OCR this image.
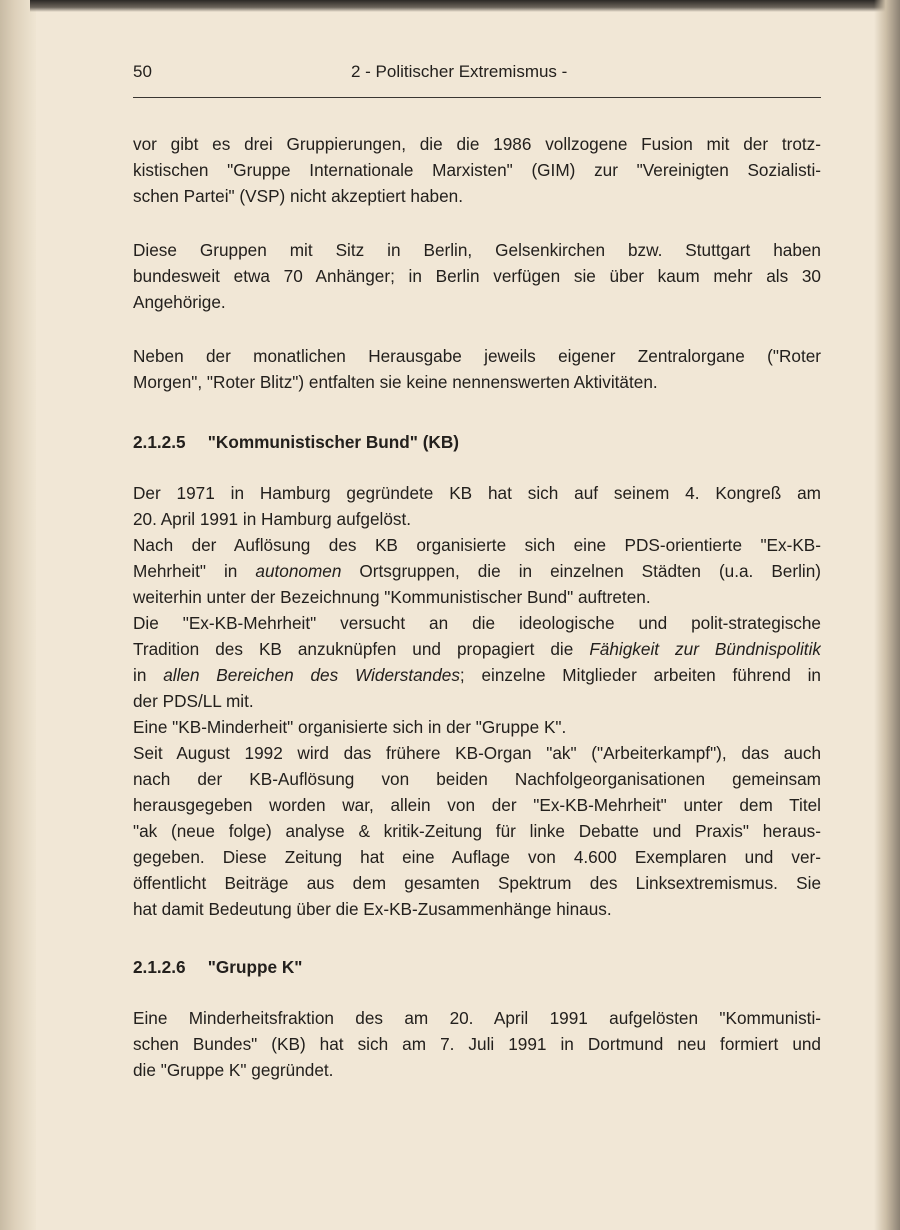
50	2 - Politischer Extremismus -
vor gibt es drei Gruppierungen, die die 1986 vollzogene Fusion mit der trotz-
kistischen "Gruppe Internationale Marxisten" (GIM) zur "Vereinigten Sozialisti-
schen Partei" (VSP) nicht akzeptiert haben.
Diese Gruppen mit Sitz in Berlin, Gelsenkirchen bzw. Stuttgart haben
bundesweit etwa 70 Anhänger; in Berlin verfügen sie über kaum mehr als 30
Angehörige.
Neben der monatlichen Herausgabe jeweils eigener Zentralorgane ("Roter
Morgen", "Roter Blitz") entfalten sie keine nennenswerten Aktivitäten.
2.1.2.5 "Kommunistischer Bund" (KB)
Der 1971 in Hamburg gegründete KB hat sich auf seinem 4. Kongreß am
20. April 1991 in Hamburg aufgelöst.
Nach der Auflösung des KB organisierte sich eine PDS-orientierte "Ex-KB-
Mehrheit" in autonomen Ortsgruppen, die in einzelnen Städten (u.a. Berlin)
weiterhin unter der Bezeichnung "Kommunistischer Bund" auftreten.
Die "Ex-KB-Mehrheit" versucht an die ideologische und polit-strategische
Tradition des KB anzuknüpfen und propagiert die Fähigkeit zur Bündnispolitik
in allen Bereichen des Widerstandes; einzelne Mitglieder arbeiten führend in
der PDS/LL mit.
Eine "KB-Minderheit" organisierte sich in der "Gruppe K".
Seit August 1992 wird das frühere KB-Organ "ak" ("Arbeiterkampf"), das auch
nach der KB-Auflösung von beiden Nachfolgeorganisationen gemeinsam
herausgegeben worden war, allein von der "Ex-KB-Mehrheit" unter dem Titel
"ak (neue folge) analyse & kritik-Zeitung für linke Debatte und Praxis" heraus-
gegeben. Diese Zeitung hat eine Auflage von 4.600 Exemplaren und ver-
öffentlicht Beiträge aus dem gesamten Spektrum des Linksextremismus. Sie
hat damit Bedeutung über die Ex-KB-Zusammenhänge hinaus.
2.1.2.6 "Gruppe K"
Eine Minderheitsfraktion des am 20. April 1991 aufgelösten "Kommunisti-
schen Bundes" (KB) hat sich am 7. Juli 1991 in Dortmund neu formiert und
die "Gruppe K" gegründet.
